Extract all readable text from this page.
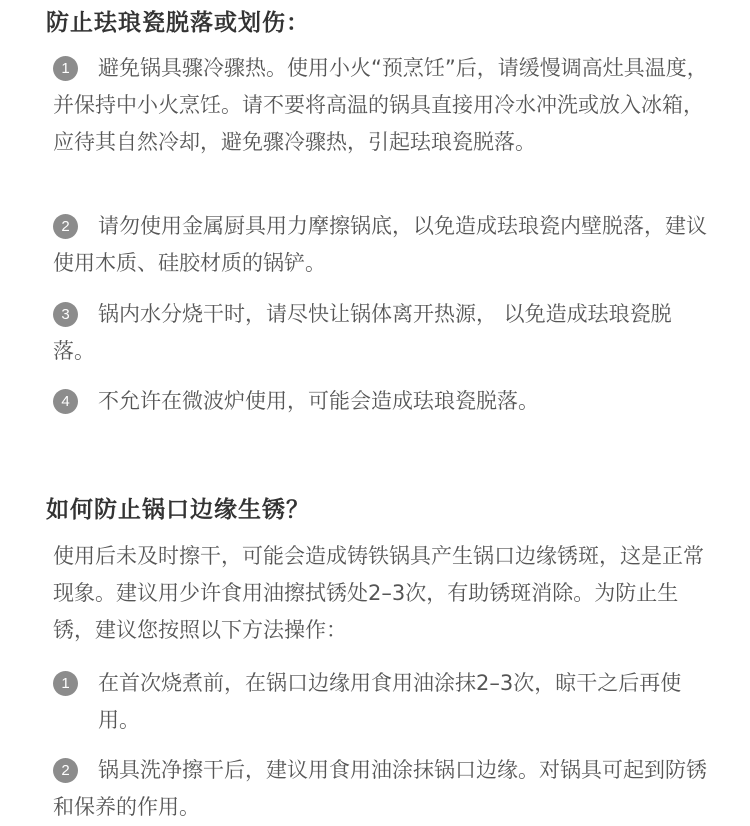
防止珐琅瓷脱落或划伤：
1	避免锅具骤冷骤热。使用小火“预烹饪”后，请缓慢调高灶具温度，并保持中小火烹饪。请不要将高温的锅具直接用冷水冲洗或放入冰箱，应待其自然冷却，避免骤冷骤热，引起珐琅瓷脱落。

2	请勿使用金属厨具用力摩擦锅底，以免造成珐琅瓷内壁脱落，建议使用木质、硅胶材质的锅铲。

3	锅内水分烧干时，请尽快让锅体离开热源， 以免造成珐琅瓷脱落。

4	不允许在微波炉使用，可能会造成珐琅瓷脱落。

如何防止锅口边缘生锈？

使用后未及时擦干，可能会造成铸铁锅具产生锅口边缘锈斑，这是正常现象。建议用少许食用油擦拭锈处2–3次，有助锈斑消除。为防止生锈，建议您按照以下方法操作：

1	在首次烧煮前，在锅口边缘用食用油涂抹2–3次，晾干之后再使用。

2	锅具洗净擦干后，建议用食用油涂抹锅口边缘。对锅具可起到防锈和保养的作用。
